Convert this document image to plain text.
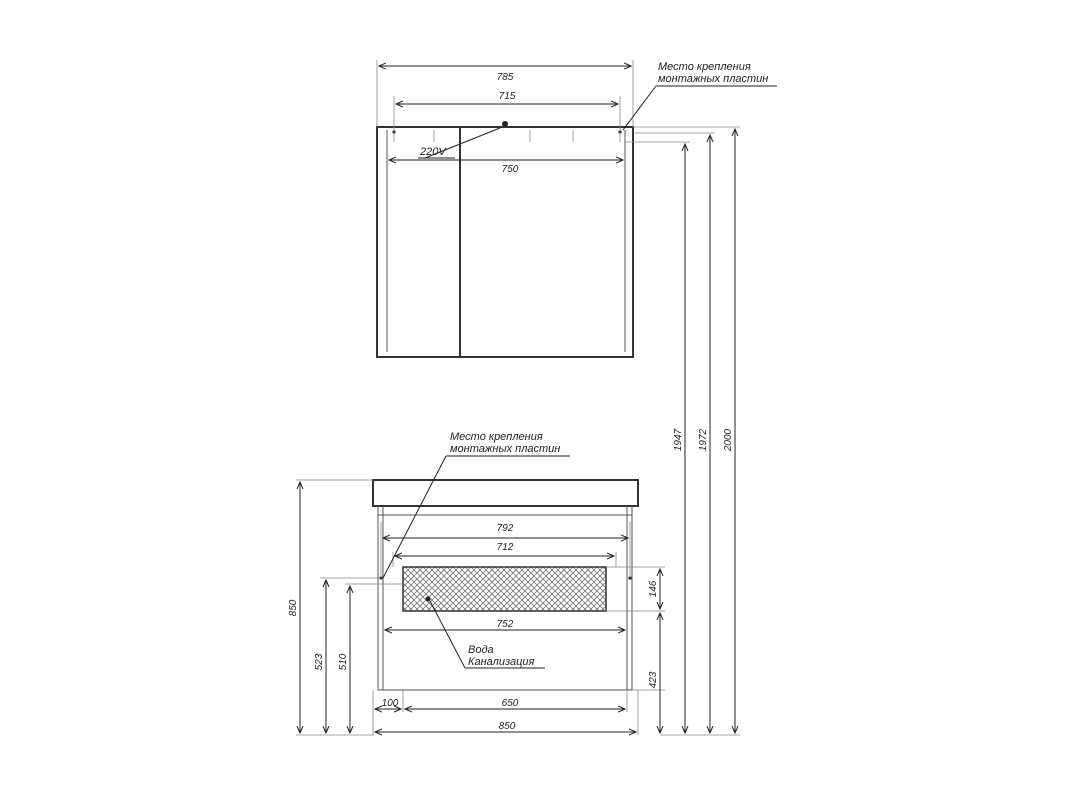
785
715
750
220V
Место крепления
монтажных пластин
792
712
752
100	650
850
850
523 510
146
423
Место крепления
монтажных пластин
Вода
Канализация
1947 1972 2000
